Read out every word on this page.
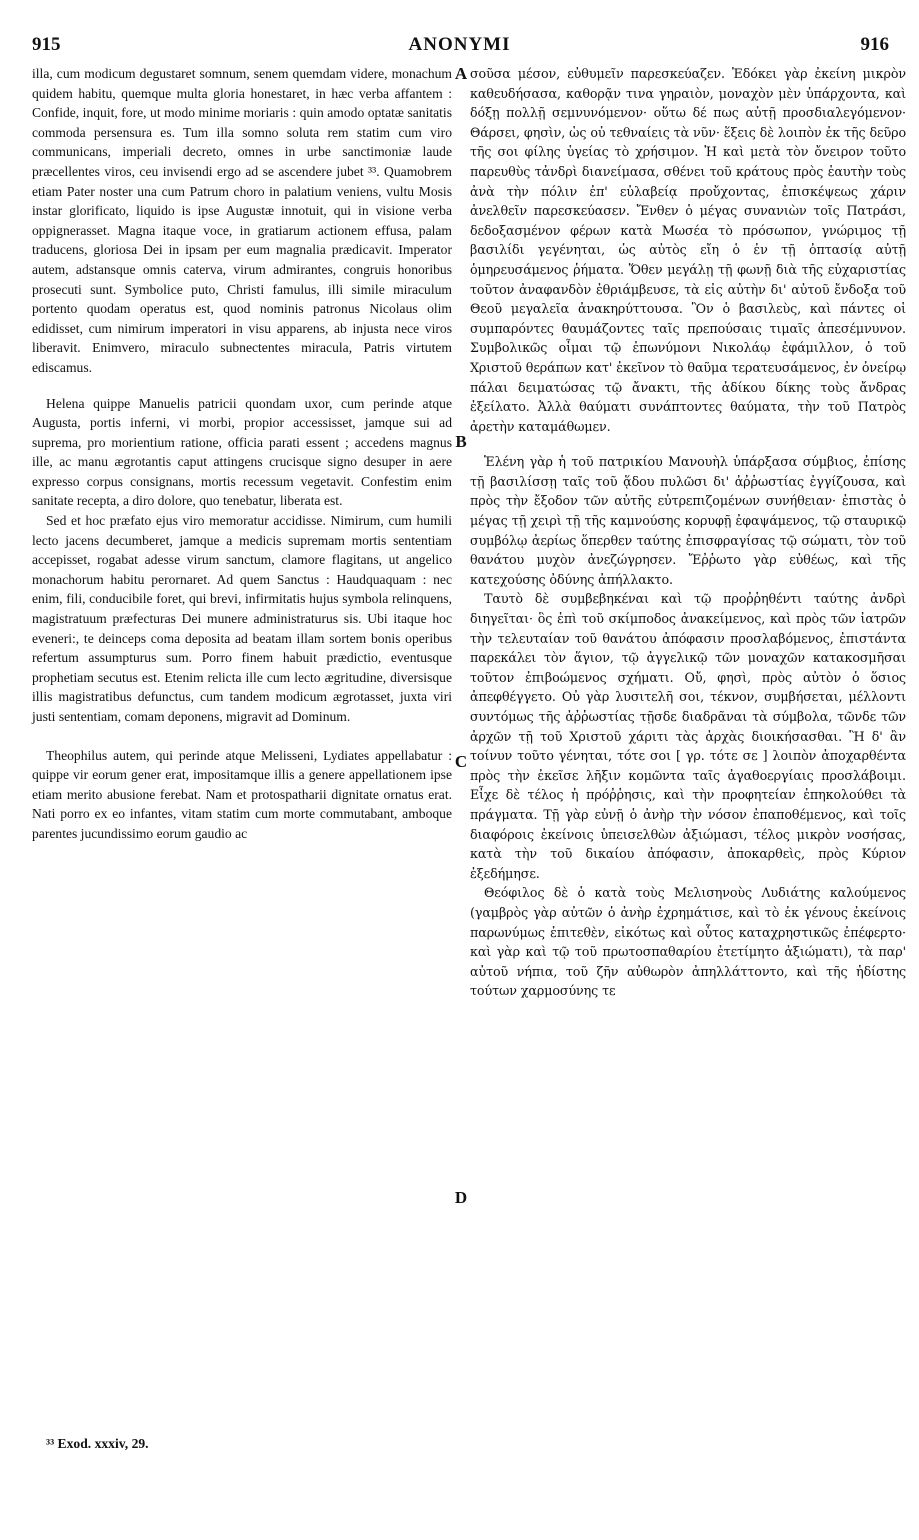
915	ANONYMI	916

illa, cum modicum degustaret somnum, senem quemdam videre, monachum quidem habitu, quemque multa gloria honestaret, in hæc verba affantem : Confide, inquit, fore, ut modo minime moriaris : quin amodo optatæ sanitatis commoda persensura es. Tum illa somno soluta rem statim cum viro communicans, imperiali decreto, omnes in urbe sanctimoniæ laude præcellentes viros, ceu invisendi ergo ad se ascendere jubet ³³. Quamobrem etiam Pater noster una cum Patrum choro in palatium veniens, vultu Mosis instar glorificato, liquido is ipse Augustæ innotuit, qui in visione verba oppignerasset. Magna itaque voce, in gratiarum actionem effusa, palam traducens, gloriosa Dei in ipsam per eum magnalia prædicavit. Imperator autem, adstansque omnis caterva, virum admirantes, congruis honoribus prosecuti sunt. Symbolice puto, Christi famulus, illi simile miraculum portento quodam operatus est, quod nominis patronus Nicolaus olim edidisset, cum nimirum imperatori in visu apparens, ab injusta nece viros liberavit. Enimvero, miraculo subnectentes miracula, Patris virtutem ediscamus.

Helena quippe Manuelis patricii quondam uxor, cum perinde atque Augusta, portis inferni, vi morbi, propior accessisset, jamque sui ad suprema, pro morientium ratione, officia parati essent ; accedens magnus ille, ac manu ægrotantis caput attingens crucisque signo desuper in aere expresso corpus consignans, mortis recessum vegetavit. Confestim enim sanitate recepta, a diro dolore, quo tenebatur, liberata est.

Sed et hoc præfato ejus viro memoratur accidisse. Nimirum, cum humili lecto jacens decumberet, jamque a medicis supremam mortis sententiam accepisset, rogabat adesse virum sanctum, clamore flagitans, ut angelico monachorum habitu perornaret. Ad quem Sanctus : Haudquaquam : nec enim, fili, conducibile foret, qui brevi, infirmitatis hujus symbola relinquens, magistratuum præfecturas Dei munere administraturus sis. Ubi itaque hoc eveneri:, te deinceps coma deposita ad beatam illam sortem bonis operibus refertum assumpturus sum. Porro finem habuit prædictio, eventusque prophetiam secutus est. Etenim relicta ille cum lecto ægritudine, diversisque illis magistratibus defunctus, cum tandem modicum ægrotasset, juxta viri justi sententiam, comam deponens, migravit ad Dominum.

Theophilus autem, qui perinde atque Melisseni, Lydiates appellabatur : quippe vir eorum gener erat, impositamque illis a genere appellationem ipse etiam merito abusione ferebat. Nam et protospatharii dignitate ornatus erat. Nati porro ex eo infantes, vitam statim cum morte commutabant, amboque parentes jucundissimo eorum gaudio ac

A
B
C
D

σοῦσα μέσον, εὐθυμεῖν παρεσκεύαζεν. Ἐδόκει γὰρ ἐκείνη μικρὸν καθευδήσασα, καθορᾷν τινα γηραιὸν, μοναχὸν μὲν ὑπάρχοντα, καὶ δόξῃ πολλῇ σεμνυνόμενον· οὕτω δέ πως αὐτῇ προσδιαλεγόμενον· Θάρσει, φησὶν, ὡς οὐ τεθναίεις τὰ νῦν· ἕξεις δὲ λοιπὸν ἐκ τῆς δεῦρο τῆς σοι φίλης ὑγείας τὸ χρήσιμον. Ἡ καὶ μετὰ τὸν ὄνειρον τοῦτο παρευθὺς τἀνδρὶ διανείμασα, σθένει τοῦ κράτους πρὸς ἑαυτὴν τοὺς ἀνὰ τὴν πόλιν ἐπ' εὐλαβείᾳ προὔχοντας, ἐπισκέψεως χάριν ἀνελθεῖν παρεσκεύασεν. Ἔνθεν ὁ μέγας συνανιὼν τοῖς Πατράσι, δεδοξασμένον φέρων κατὰ Μωσέα τὸ πρόσωπον, γνώριμος τῇ βασιλίδι γεγένηται, ὡς αὐτὸς εἴη ὁ ἐν τῇ ὀπτασίᾳ αὐτῇ ὁμηρευσάμενος ῥήματα. Ὅθεν μεγάλῃ τῇ φωνῇ διὰ τῆς εὐχαριστίας τοῦτον ἀναφανδὸν ἐθριάμβευσε, τὰ εἰς αὐτὴν δι' αὐτοῦ ἔνδοξα τοῦ Θεοῦ μεγαλεῖα ἀνακηρύττουσα. Ὃν ὁ βασιλεὺς, καὶ πάντες οἱ συμπαρόντες θαυμάζοντες ταῖς πρεπούσαις τιμαῖς ἀπεσέμνυνον. Συμβολικῶς οἶμαι τῷ ἐπωνύμονι Νικολάῳ ἐφάμιλλον, ὁ τοῦ Χριστοῦ θεράπων κατ' ἐκεῖνον τὸ θαῦμα τερατευσάμενος, ἐν ὀνείρῳ πάλαι δειματώσας τῷ ἄνακτι, τῆς ἀδίκου δίκης τοὺς ἄνδρας ἐξείλατο. Ἀλλὰ θαύματι συνάπτοντες θαύματα, τὴν τοῦ Πατρὸς ἀρετὴν καταμάθωμεν.

Ἑλένη γὰρ ἡ τοῦ πατρικίου Μανουὴλ ὑπάρξασα σύμβιος, ἐπίσης τῇ βασιλίσσῃ ταῖς τοῦ ᾅδου πυλῶσι δι' ἀῤῥωστίας ἐγγίζουσα, καὶ πρὸς τὴν ἔξοδον τῶν αὐτῆς εὐτρεπιζομένων συνήθειαν· ἐπιστὰς ὁ μέγας τῇ χειρὶ τῇ τῆς καμνούσης κορυφῇ ἐφαψάμενος, τῷ σταυρικῷ συμβόλῳ ἀερίως ὅπερθεν ταύτης ἐπισφραγίσας τῷ σώματι, τὸν τοῦ θανάτου μυχὸν ἀνεζώγρησεν. Ἔῤῥωτο γὰρ εὐθέως, καὶ τῆς κατεχούσης ὀδύνης ἀπήλλακτο.

Ταυτὸ δὲ συμβεβηκέναι καὶ τῷ προῤῥηθέντι ταύτης ἀνδρὶ διηγεῖται· ὃς ἐπὶ τοῦ σκίμποδος ἀνακείμενος, καὶ πρὸς τῶν ἰατρῶν τὴν τελευταίαν τοῦ θανάτου ἀπόφασιν προσλαβόμενος, ἐπιστάντα παρεκάλει τὸν ἅγιον, τῷ ἀγγελικῷ τῶν μοναχῶν κατακοσμῆσαι τοῦτον ἐπιβοώμενος σχήματι. Οὔ, φησὶ, πρὸς αὐτὸν ὁ ὅσιος ἀπεφθέγγετο. Οὐ γὰρ λυσιτελῆ σοι, τέκνον, συμβήσεται, μέλλοντι συντόμως τῆς ἀῤῥωστίας τῇσδε διαδρᾶναι τὰ σύμβολα, τῶνδε τῶν ἀρχῶν τῇ τοῦ Χριστοῦ χάριτι τὰς ἀρχὰς διοικήσασθαι. Ἢ δ' ἂν τοίνυν τοῦτο γένηται, τότε σοι [ γρ. τότε σε ] λοιπὸν ἀποχαρθέντα πρὸς τὴν ἐκεῖσε λῆξιν κομῶντα ταῖς ἀγαθοεργίαις προσλάβοιμι. Εἶχε δὲ τέλος ἡ πρόῤῥησις, καὶ τὴν προφητείαν ἐπηκολούθει τὰ πράγματα. Τῇ γὰρ εὐνῇ ὁ ἀνὴρ τὴν νόσον ἐπαποθέμενος, καὶ τοῖς διαφόροις ἐκείνοις ὑπεισελθὼν ἀξιώμασι, τέλος μικρὸν νοσήσας, κατὰ τὴν τοῦ δικαίου ἀπόφασιν, ἀποκαρθεὶς, πρὸς Κύριον ἐξεδήμησε.

Θεόφιλος δὲ ὁ κατὰ τοὺς Μελισηνοὺς Λυδιάτης καλούμενος (γαμβρὸς γὰρ αὐτῶν ὁ ἀνὴρ ἐχρημάτισε, καὶ τὸ ἐκ γένους ἐκείνοις παρωνύμως ἐπιτεθὲν, εἰκότως καὶ οὗτος καταχρηστικῶς ἐπέφερτο· καὶ γὰρ καὶ τῷ τοῦ πρωτοσπαθαρίου ἐτετίμητο ἀξιώματι), τὰ παρ' αὐτοῦ νήπια, τοῦ ζῆν αὐθωρὸν ἀπηλλάττοντο, καὶ τῆς ἡδίστης τούτων χαρμοσύνης τε

³³ Exod. xxxiv, 29.
